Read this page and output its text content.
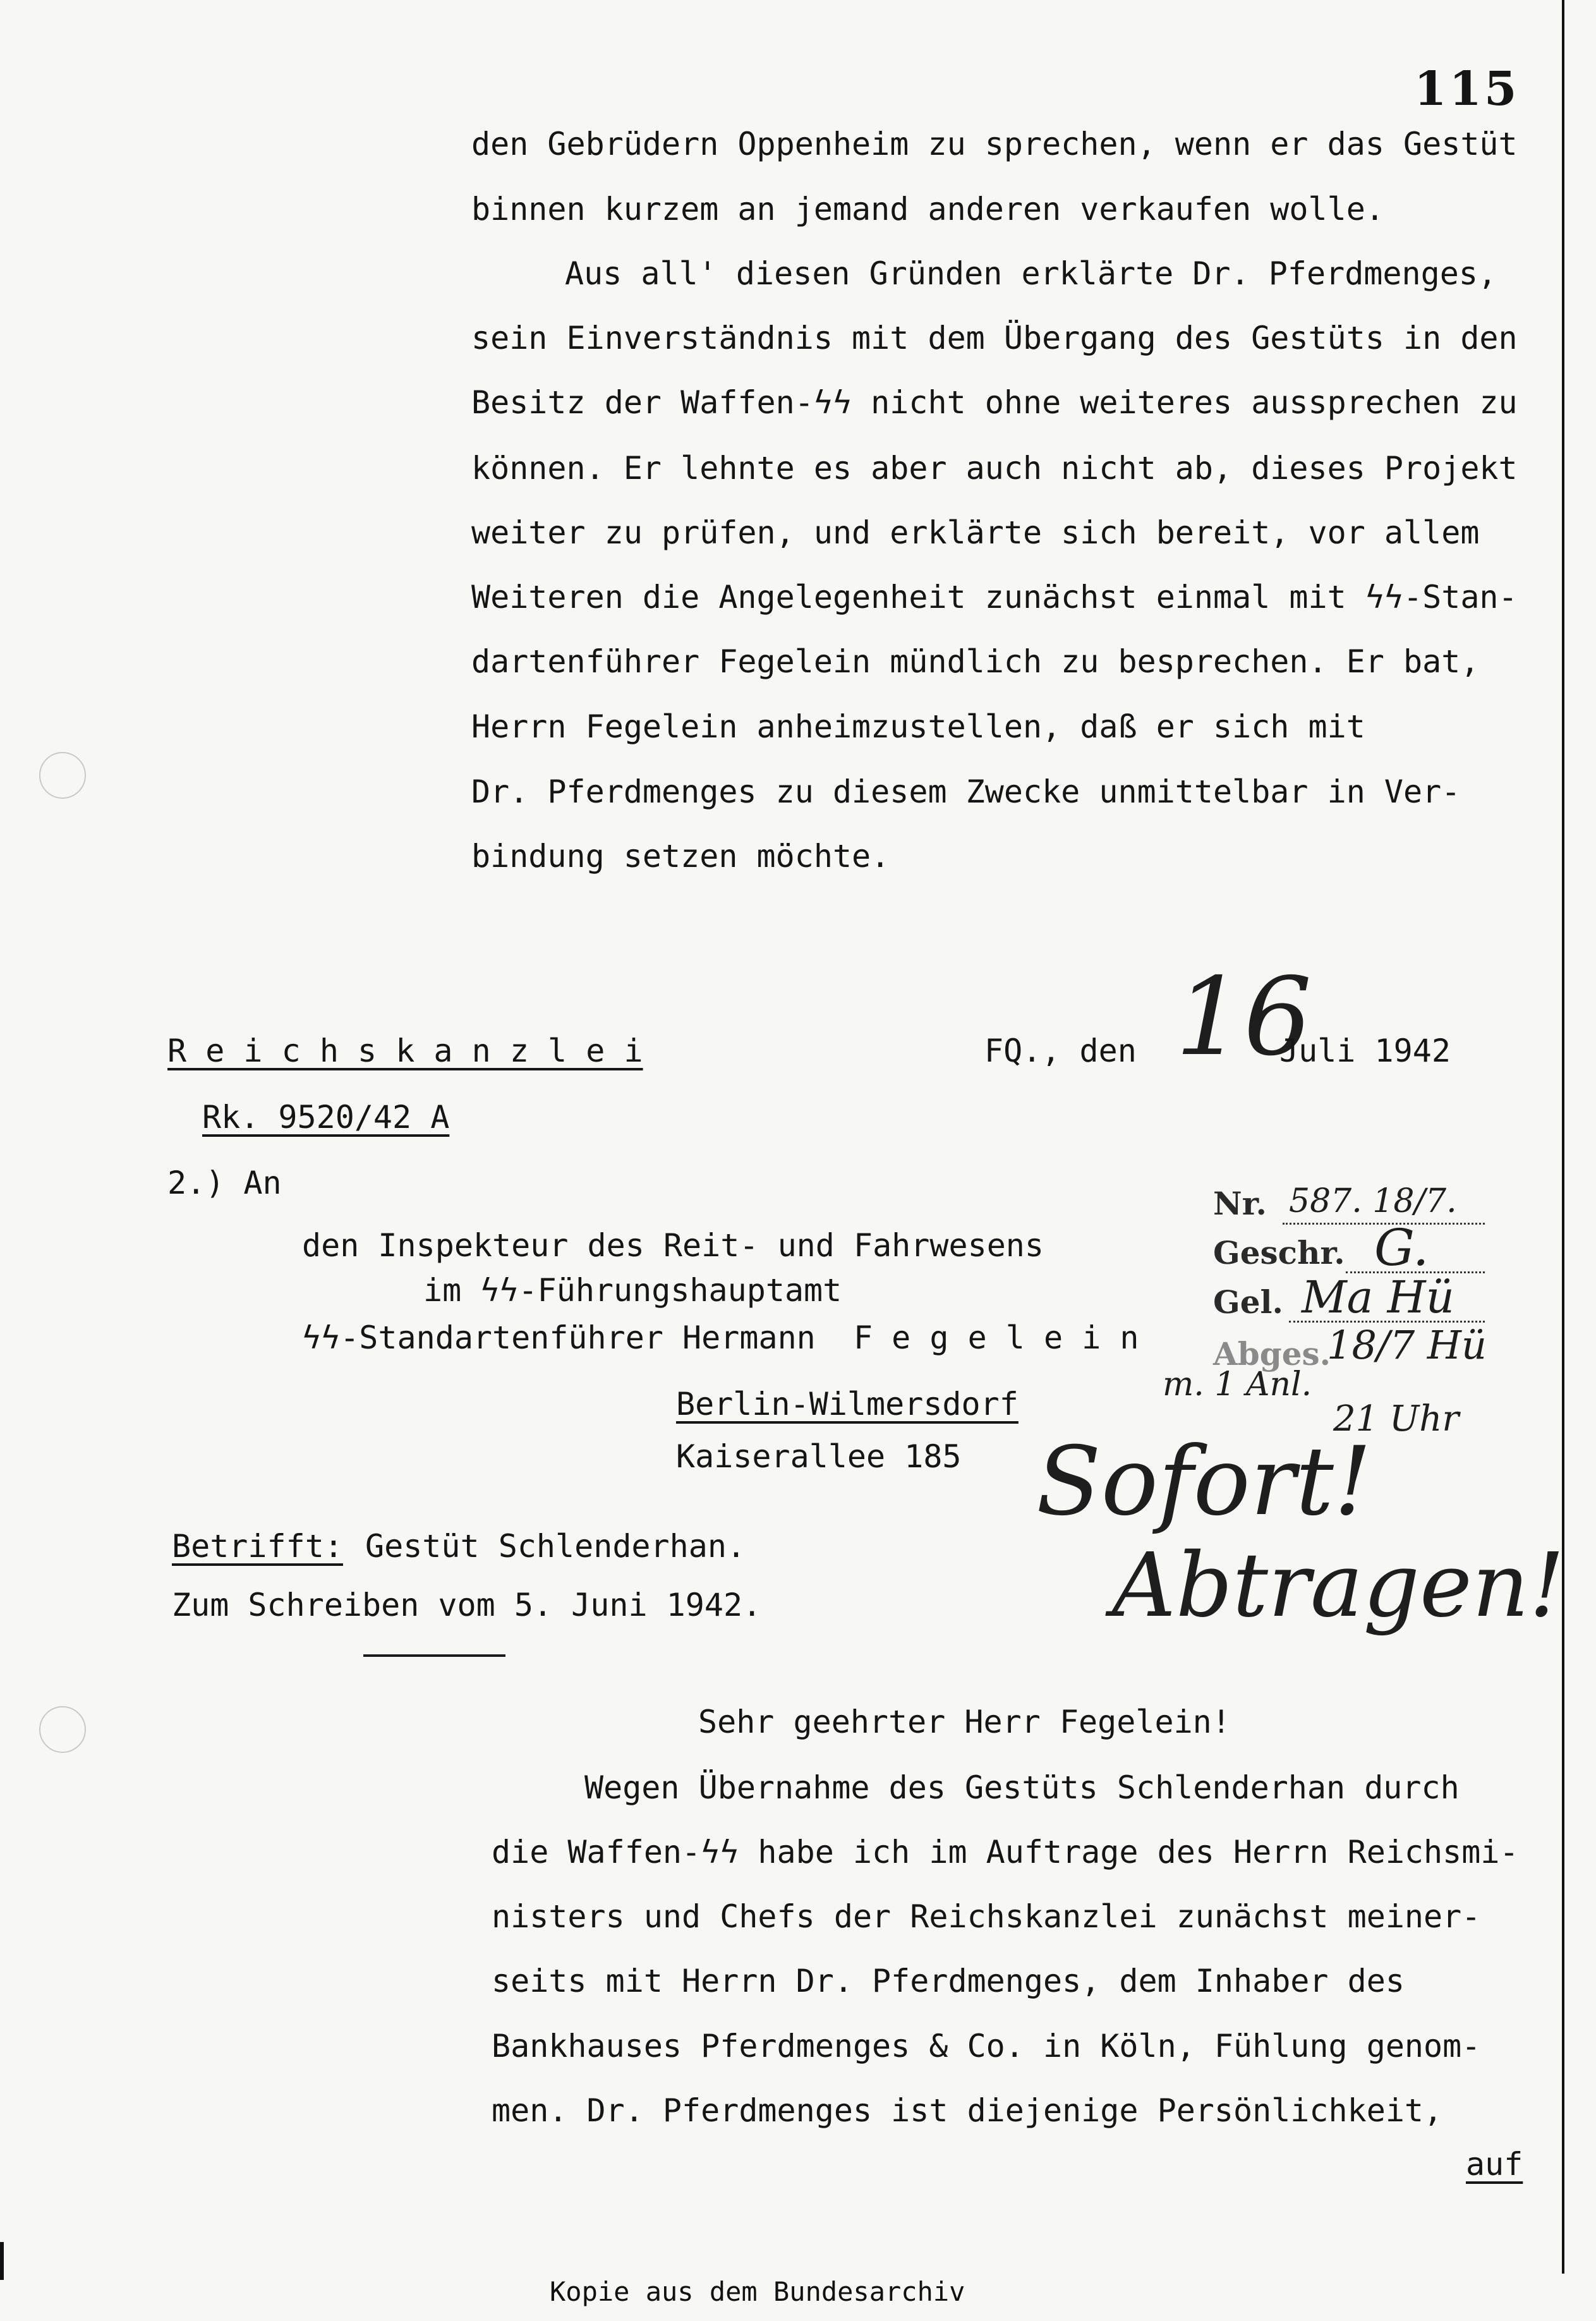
115
den Gebrüdern Oppenheim zu sprechen, wenn er das Gestüt
binnen kurzem an jemand anderen verkaufen wolle.
Aus all' diesen Gründen erklärte Dr. Pferdmenges,
sein Einverständnis mit dem Übergang des Gestüts in den
Besitz der Waffen-ϟϟ nicht ohne weiteres aussprechen zu
können. Er lehnte es aber auch nicht ab, dieses Projekt
weiter zu prüfen, und erklärte sich bereit, vor allem
Weiteren die Angelegenheit zunächst einmal mit ϟϟ-Stan-
dartenführer Fegelein mündlich zu besprechen. Er bat,
Herrn Fegelein anheimzustellen, daß er sich mit
Dr. Pferdmenges zu diesem Zwecke unmittelbar in Ver-
bindung setzen möchte.
R e i c h s k a n z l e i	FQ., den 16
Juli 1942
Rk. 9520/42 A
2.) An
den Inspekteur des Reit- und Fahrwesens
im ϟϟ-Führungshauptamt
ϟϟ-Standartenführer Hermann  F e g e l e i n
Berlin-Wilmersdorf
Kaiserallee 185
Nr. 587. 18/7.
Geschr. G.
Gel. Ma Hü
Abges.
18/7 Hü
m. 1 Anl.
21 Uhr
Sofort!
Abtragen!
Betrifft: Gestüt Schlenderhan.
Zum Schreiben vom 5. Juni 1942.
Sehr geehrter Herr Fegelein!
Wegen Übernahme des Gestüts Schlenderhan durch
die Waffen-ϟϟ habe ich im Auftrage des Herrn Reichsmi-
nisters und Chefs der Reichskanzlei zunächst meiner-
seits mit Herrn Dr. Pferdmenges, dem Inhaber des
Bankhauses Pferdmenges & Co. in Köln, Fühlung genom-
men. Dr. Pferdmenges ist diejenige Persönlichkeit,
auf
Kopie aus dem Bundesarchiv
